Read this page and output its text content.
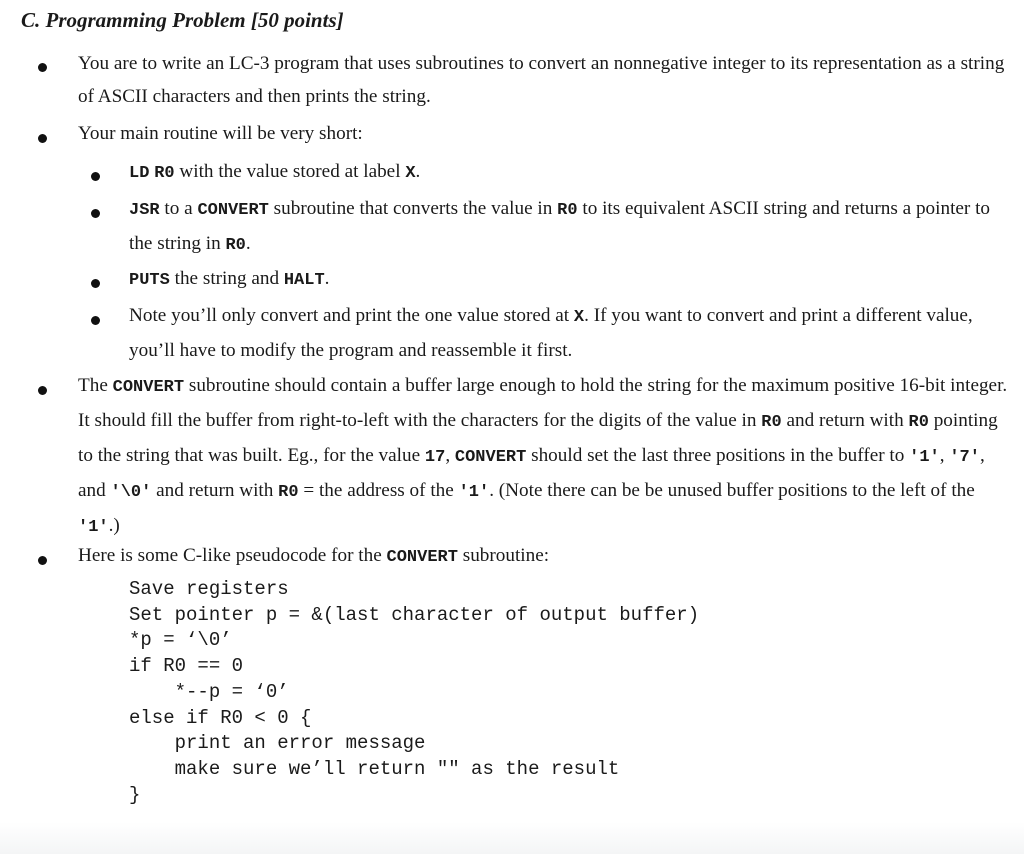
C. Programming Problem [50 points]
You are to write an LC-3 program that uses subroutines to convert an nonnegative integer to its representation as a string of ASCII characters and then prints the string.
Your main routine will be very short:
LD R0 with the value stored at label X.
JSR to a CONVERT subroutine that converts the value in R0 to its equivalent ASCII string and returns a pointer to the string in R0.
PUTS the string and HALT.
Note you’ll only convert and print the one value stored at X. If you want to convert and print a different value, you’ll have to modify the program and reassemble it first.
The CONVERT subroutine should contain a buffer large enough to hold the string for the maximum positive 16-bit integer. It should fill the buffer from right-to-left with the characters for the digits of the value in R0 and return with R0 pointing to the string that was built. Eg., for the value 17, CONVERT should set the last three positions in the buffer to '1', '7', and '\0' and return with R0 = the address of the '1'. (Note there can be be unused buffer positions to the left of the '1'.)
Here is some C-like pseudocode for the CONVERT subroutine:
Save registers
Set pointer p = &(last character of output buffer)
*p = ‘\0’
if R0 == 0
*--p = ‘0’
else if R0 < 0 {
print an error message
make sure we’ll return "" as the result
}
